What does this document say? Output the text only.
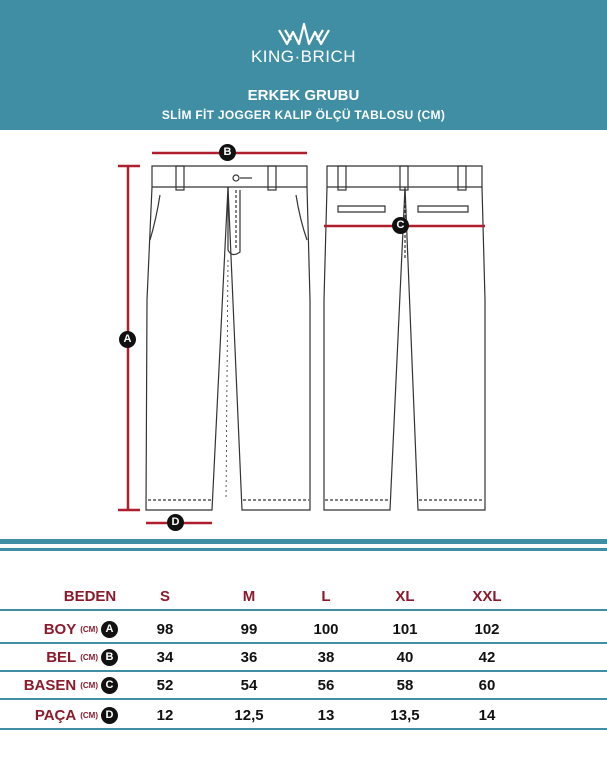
KING·BRICH
ERKEK GRUBU
SLİM FİT JOGGER KALIP ÖLÇÜ TABLOSU (CM)
B
A
C
D
BEDEN	S	M	L	XL	XXL
BOY (CM) A	98	99	100	101	102
BEL (CM) B	34	36	38	40	42
BASEN (CM) C	52	54	56	58	60
PAÇA (CM) D	12	12,5	13	13,5	14
